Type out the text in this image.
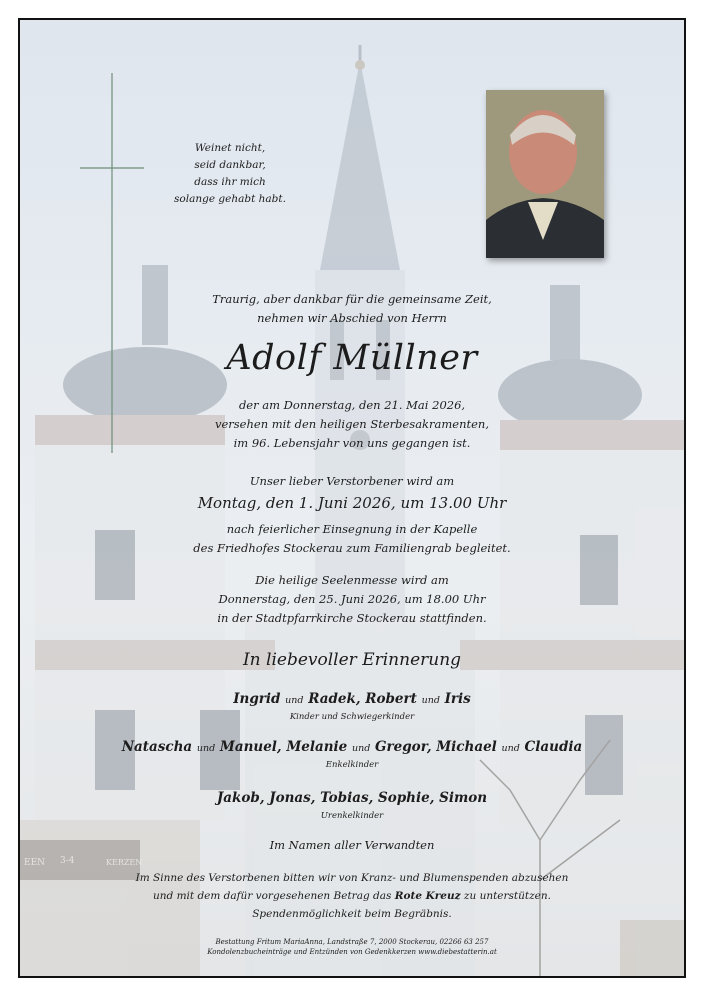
EEN 3-4	KERZEN
Weinet nicht,
seid dankbar,
dass ihr mich
solange gehabt habt.

Traurig, aber dankbar für die gemeinsame Zeit,

nehmen wir Abschied von Herrn

Adolf Müllner

der am Donnerstag, den 21. Mai 2026,

versehen mit den heiligen Sterbesakramenten,

im 96. Lebensjahr von uns gegangen ist.

Unser lieber Verstorbener wird am

Montag, den 1. Juni 2026, um 13.00 Uhr

nach feierlicher Einsegnung in der Kapelle

des Friedhofes Stockerau zum Familiengrab begleitet.

Die heilige Seelenmesse wird am

Donnerstag, den 25. Juni 2026, um 18.00 Uhr

in der Stadtpfarrkirche Stockerau stattfinden.

In liebevoller Erinnerung

Ingrid und Radek, Robert und Iris

Kinder und Schwiegerkinder

Natascha und Manuel, Melanie und Gregor, Michael und Claudia

Enkelkinder

Jakob, Jonas, Tobias, Sophie, Simon

Urenkelkinder

Im Namen aller Verwandten

Im Sinne des Verstorbenen bitten wir von Kranz- und Blumenspenden abzusehen

und mit dem dafür vorgesehenen Betrag das Rote Kreuz zu unterstützen.

Spendenmöglichkeit beim Begräbnis.

Bestattung Fritum MariaAnna, Landstraße 7, 2000 Stockerau, 02266 63 257

Kondolenzbucheinträge und Entzünden von Gedenkkerzen www.diebestatterin.at
